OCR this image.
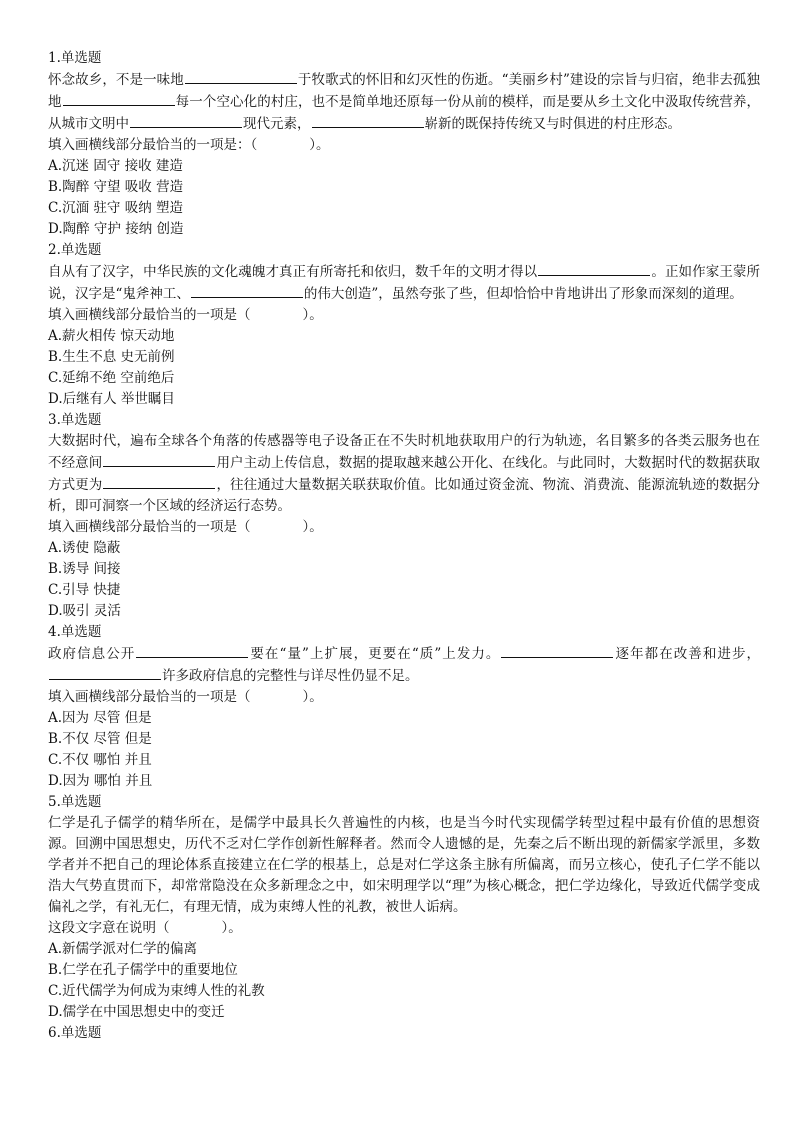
1.单选题
怀念故乡，不是一味地	于牧歌式的怀旧和幻灭性的伤逝。“美丽乡村”建设的宗旨与归宿，绝非去孤独地	每一个空心化的村庄，也不是简单地还原每一份从前的模样，而是要从乡土文化中汲取传统营养，从城市文明中	现代元素，	崭新的既保持传统又与时俱进的村庄形态。
填入画横线部分最恰当的一项是：（	）。
A.沉迷 固守 接收 建造
B.陶醉 守望 吸收 营造
C.沉湎 驻守 吸纳 塑造
D.陶醉 守护 接纳 创造
2.单选题
自从有了汉字，中华民族的文化魂魄才真正有所寄托和依归，数千年的文明才得以	。正如作家王蒙所说，汉字是“鬼斧神工、	的伟大创造”，虽然夸张了些，但却恰恰中肯地讲出了形象而深刻的道理。
填入画横线部分最恰当的一项是（	）。
A.薪火相传 惊天动地
B.生生不息 史无前例
C.延绵不绝 空前绝后
D.后继有人 举世瞩目
3.单选题
大数据时代，遍布全球各个角落的传感器等电子设备正在不失时机地获取用户的行为轨迹，名目繁多的各类云服务也在不经意间	用户主动上传信息，数据的提取越来越公开化、在线化。与此同时，大数据时代的数据获取方式更为	，往往通过大量数据关联获取价值。比如通过资金流、物流、消费流、能源流轨迹的数据分析，即可洞察一个区域的经济运行态势。
填入画横线部分最恰当的一项是（	）。
A.诱使 隐蔽
B.诱导 间接
C.引导 快捷
D.吸引 灵活
4.单选题
政府信息公开	要在“量”上扩展，更要在“质”上发力。	逐年都在改善和进步，许多政府信息的完整性与详尽性仍显不足。
填入画横线部分最恰当的一项是（	）。
A.因为 尽管 但是
B.不仅 尽管 但是
C.不仅 哪怕 并且
D.因为 哪怕 并且
5.单选题
仁学是孔子儒学的精华所在，是儒学中最具长久普遍性的内核，也是当今时代实现儒学转型过程中最有价值的思想资源。回溯中国思想史，历代不乏对仁学作创新性解释者。然而令人遗憾的是，先秦之后不断出现的新儒家学派里，多数学者并不把自己的理论体系直接建立在仁学的根基上，总是对仁学这条主脉有所偏离，而另立核心，使孔子仁学不能以浩大气势直贯而下，却常常隐没在众多新理念之中，如宋明理学以“理”为核心概念，把仁学边缘化，导致近代儒学变成偏礼之学，有礼无仁，有理无情，成为束缚人性的礼教，被世人诟病。
这段文字意在说明（	）。
A.新儒学派对仁学的偏离
B.仁学在孔子儒学中的重要地位
C.近代儒学为何成为束缚人性的礼教
D.儒学在中国思想史中的变迁
6.单选题
